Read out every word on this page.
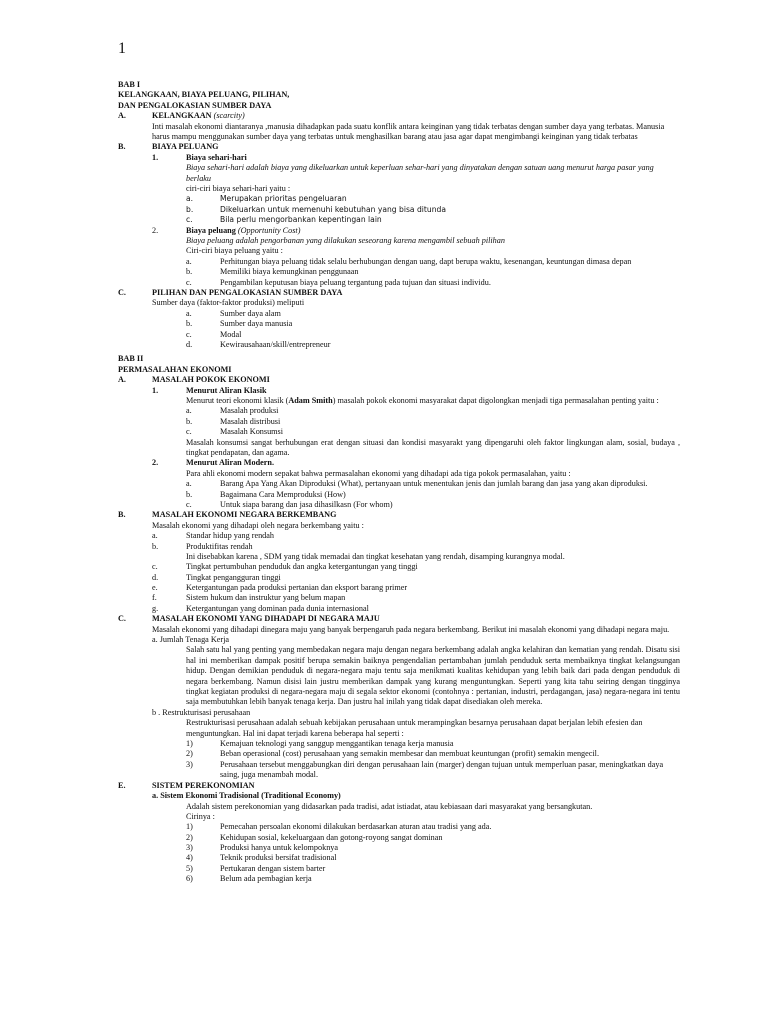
1
BAB I
KELANGKAAN, BIAYA PELUANG, PILIHAN,
DAN PENGALOKASIAN SUMBER DAYA
A.	KELANGKAAN (scarcity)
Inti masalah ekonomi diantaranya ,manusia dihadapkan pada suatu konflik antara keinginan yang tidak terbatas dengan sumber daya yang terbatas. Manusia harus mampu menggunakan sumber daya yang terbatas untuk menghasilkan barang atau jasa agar dapat mengimbangi keinginan yang tidak terbatas
B.	BIAYA PELUANG
1.	Biaya sehari-hari
Biaya sehari-hari adalah biaya yang dikeluarkan untuk keperluan sehar-hari yang dinyatakan dengan satuan uang menurut harga pasar yang berlaku
ciri-ciri biaya sehari-hari yaitu :
a.	Merupakan prioritas pengeluaran
b.	Dikeluarkan untuk memenuhi kebutuhan yang bisa ditunda
c.	Bila perlu mengorbankan kepentingan lain
2.	Biaya peluang (Opportunity Cost)
Biaya peluang adalah pengorbanan yang dilakukan seseorang karena mengambil sebuah pilihan
Ciri-ciri biaya peluang yaitu :
a.	Perhitungan biaya peluang tidak selalu berhubungan dengan uang, dapt berupa waktu, kesenangan, keuntungan dimasa depan
b.	Memiliki biaya kemungkinan penggunaan
c.	Pengambilan keputusan biaya peluang tergantung pada tujuan dan situasi individu.
C.	PILIHAN DAN PENGALOKASIAN SUMBER DAYA
Sumber daya (faktor-faktor produksi) meliputi
a.	Sumber daya alam
b.	Sumber daya manusia
c.	Modal
d.	Kewirausahaan/skill/entrepreneur
BAB II
PERMASALAHAN EKONOMI
A.	MASALAH POKOK EKONOMI
1.	Menurut Aliran Klasik
Menurut teori ekonomi klasik (Adam Smith) masalah pokok ekonomi masyarakat dapat digolongkan menjadi tiga permasalahan penting yaitu :
a.	Masalah produksi
b.	Masalah distribusi
c.	Masalah Konsumsi
Masalah konsumsi sangat berhubungan erat dengan situasi dan kondisi masyarakt yang dipengaruhi oleh faktor lingkungan alam, sosial, budaya , tingkat pendapatan, dan agama.
2.	Menurut Aliran Modern.
Para ahli ekonomi modern sepakat bahwa permasalahan ekonomi yang dihadapi ada tiga pokok permasalahan, yaitu :
a.	Barang Apa Yang Akan Diproduksi (What), pertanyaan untuk menentukan jenis dan jumlah barang dan jasa yang akan diproduksi.
b.	Bagaimana Cara Memproduksi (How)
c.	Untuk siapa barang dan jasa dihasilkasn (For whom)
B.	MASALAH EKONOMI NEGARA BERKEMBANG
Masalah ekonomi yang dihadapi oleh negara berkembang yaitu :
a.	Standar hidup yang rendah
b.	Produktifitas rendah
Ini disebabkan karena , SDM yang tidak memadai dan tingkat kesehatan yang rendah, disamping kurangnya modal.
c.	Tingkat pertumbuhan penduduk dan angka ketergantungan yang tinggi
d.	Tingkat pengangguran tinggi
e.	Ketergantungan pada produksi pertanian dan eksport barang primer
f.	Sistem hukum dan instruktur yang belum mapan
g.	Ketergantungan yang dominan pada dunia internasional
C.	MASALAH EKONOMI YANG DIHADAPI DI NEGARA MAJU
Masalah ekonomi yang dihadapi dinegara maju yang banyak berpengaruh pada negara berkembang. Berikut ini masalah ekonomi yang dihadapi negara maju.
a. Jumlah Tenaga Kerja
Salah satu hal yang penting yang membedakan negara maju dengan negara berkembang adalah angka kelahiran dan kematian yang rendah. Disatu sisi hal ini memberikan dampak positif berupa semakin baiknya pengendalian pertambahan jumlah penduduk serta membaiknya tingkat kelangsungan hidup. Dengan demikian penduduk di negara-negara maju tentu saja menikmati kualitas kehidupan yang lebih baik dari pada dengan penduduk di negara berkembang. Namun disisi lain justru memberikan dampak yang kurang menguntungkan. Seperti yang kita tahu seiring dengan tingginya tingkat kegiatan produksi di negara-negara maju di segala sektor ekonomi (contohnya : pertanian, industri, perdagangan, jasa) negara-negara ini tentu saja membutuhkan lebih banyak tenaga kerja. Dan justru hal inilah yang tidak dapat disediakan oleh mereka.
b . Restrukturisasi perusahaan
Restrukturisasi perusahaan adalah sebuah kebijakan perusahaan untuk merampingkan besarnya perusahaan dapat berjalan lebih efesien dan menguntungkan. Hal ini dapat terjadi karena beberapa hal seperti :
1)	Kemajuan teknologi yang sanggup menggantikan tenaga kerja manusia
2)	Beban operasional (cost) perusahaan yang semakin membesar dan membuat keuntungan (profit) semakin mengecil.
3)	Perusahaan tersebut menggabungkan diri dengan perusahaan lain (marger) dengan tujuan untuk memperluan pasar, meningkatkan daya saing, juga menambah modal.
E.	SISTEM PEREKONOMIAN
a. Sistem Ekonomi Tradisional (Traditional Economy)
Adalah sistem perekonomian yang didasarkan pada tradisi, adat istiadat, atau kebiasaan dari masyarakat yang bersangkutan.
Cirinya :
1)	Pemecahan persoalan ekonomi dilakukan berdasarkan aturan atau tradisi yang ada.
2)	Kehidupan sosial, kekeluargaan dan gotong-royong sangat dominan
3)	Produksi hanya untuk kelompoknya
4)	Teknik produksi bersifat tradisional
5)	Pertukaran dengan sistem barter
6)	Belum ada pembagian kerja
